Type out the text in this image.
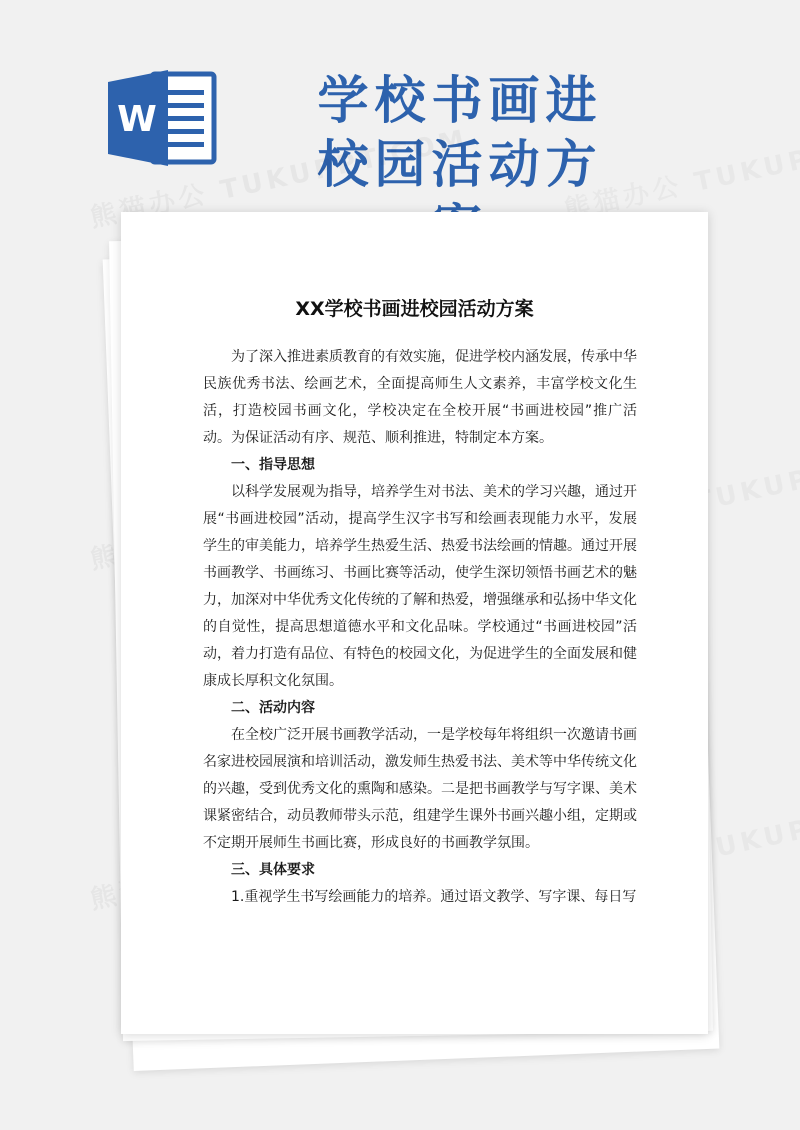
W	学校书画进
校园活动方
XX学校书画进校园活动方案

为了深入推进素质教育的有效实施，促进学校内涵发展，传承中华民族优秀书法、绘画艺术，全面提高师生人文素养，丰富学校文化生活，打造校园书画文化，学校决定在全校开展“书画进校园”推广活动。为保证活动有序、规范、顺利推进，特制定本方案。

一、指导思想

以科学发展观为指导，培养学生对书法、美术的学习兴趣，通过开展“书画进校园”活动，提高学生汉字书写和绘画表现能力水平，发展学生的审美能力，培养学生热爱生活、热爱书法绘画的情趣。通过开展书画教学、书画练习、书画比赛等活动，使学生深切领悟书画艺术的魅力，加深对中华优秀文化传统的了解和热爱，增强继承和弘扬中华文化的自觉性，提高思想道德水平和文化品味。学校通过“书画进校园”活动，着力打造有品位、有特色的校园文化，为促进学生的全面发展和健康成长厚积文化氛围。

二、活动内容

在全校广泛开展书画教学活动，一是学校每年将组织一次邀请书画名家进校园展演和培训活动，激发师生热爱书法、美术等中华传统文化的兴趣，受到优秀文化的熏陶和感染。二是把书画教学与写字课、美术课紧密结合，动员教师带头示范，组建学生课外书画兴趣小组，定期或不定期开展师生书画比赛，形成良好的书画教学氛围。

三、具体要求

1.重视学生书写绘画能力的培养。通过语文教学、写字课、每日写
